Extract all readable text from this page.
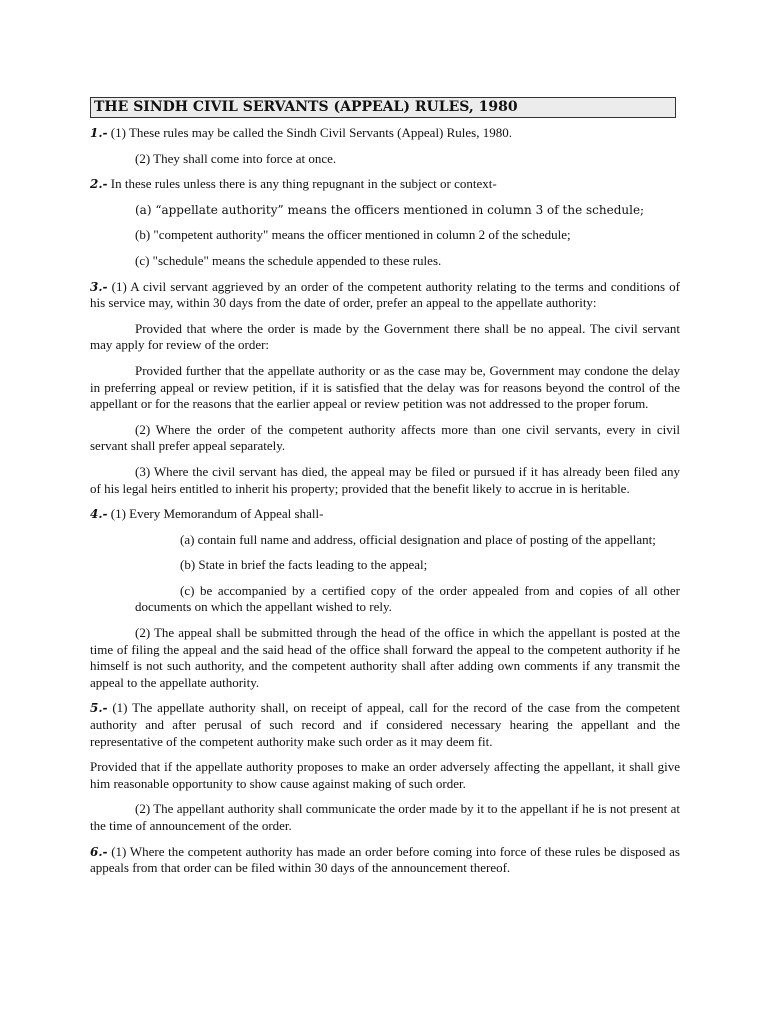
THE SINDH CIVIL SERVANTS (APPEAL) RULES, 1980

1.- (1) These rules may be called the Sindh Civil Servants (Appeal) Rules, 1980.

(2) They shall come into force at once.

2.- In these rules unless there is any thing repugnant in the subject or context-

(a) “appellate authority” means the officers mentioned in column 3 of the schedule;

(b) "competent authority" means the officer mentioned in column 2 of the schedule;

(c) "schedule" means the schedule appended to these rules.

3.- (1) A civil servant aggrieved by an order of the competent authority relating to the terms and conditions of his service may, within 30 days from the date of order, prefer an appeal to the appellate authority:

Provided that where the order is made by the Government there shall be no appeal. The civil servant may apply for review of the order:

Provided further that the appellate authority or as the case may be, Government may condone the delay in preferring appeal or review petition, if it is satisfied that the delay was for reasons beyond the control of the appellant or for the reasons that the earlier appeal or review petition was not addressed to the proper forum.

(2) Where the order of the competent authority affects more than one civil servants, every in civil servant shall prefer appeal separately.

(3) Where the civil servant has died, the appeal may be filed or pursued if it has already been filed any of his legal heirs entitled to inherit his property; provided that the benefit likely to accrue in is heritable.

4.- (1) Every Memorandum of Appeal shall-

(a) contain full name and address, official designation and place of posting of the appellant;

(b) State in brief the facts leading to the appeal;

(c) be accompanied by a certified copy of the order appealed from and copies of all other documents on which the appellant wished to rely.

(2) The appeal shall be submitted through the head of the office in which the appellant is posted at the time of filing the appeal and the said head of the office shall forward the appeal to the competent authority if he himself is not such authority, and the competent authority shall after adding own comments if any transmit the appeal to the appellate authority.

5.- (1) The appellate authority shall, on receipt of appeal, call for the record of the case from the competent authority and after perusal of such record and if considered necessary hearing the appellant and the representative of the competent authority make such order as it may deem fit.

Provided that if the appellate authority proposes to make an order adversely affecting the appellant, it shall give him reasonable opportunity to show cause against making of such order.

(2) The appellant authority shall communicate the order made by it to the appellant if he is not present at the time of announcement of the order.

6.- (1) Where the competent authority has made an order before coming into force of these rules be disposed as appeals from that order can be filed within 30 days of the announcement thereof.
